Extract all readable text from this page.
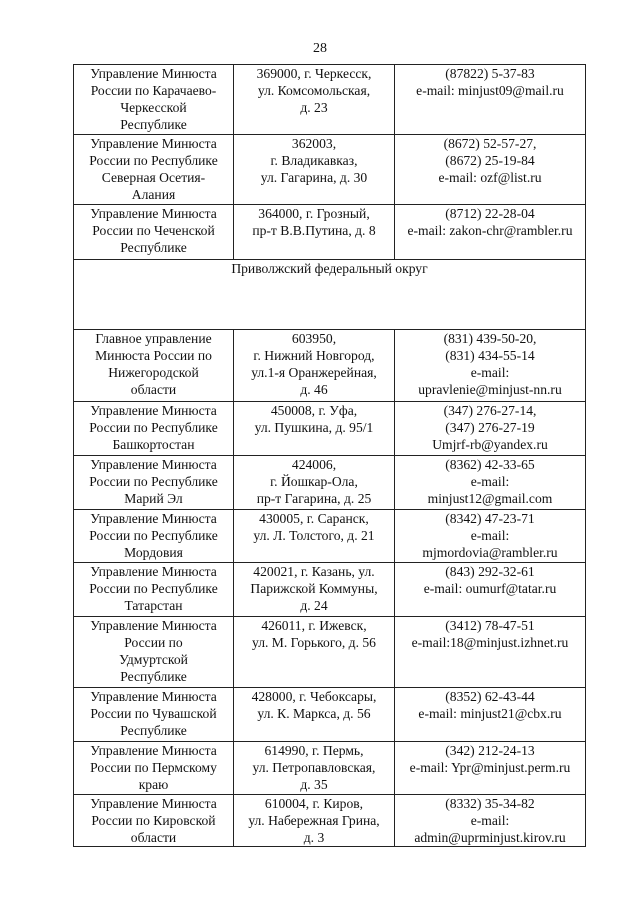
28
Управление Минюста
России по Карачаево-
Черкесской
Республике	369000, г. Черкесск,
ул. Комсомольская,
д. 23	(87822) 5-37-83
e-mail: minjust09@mail.ru

Управление Минюста
России по Республике
Северная Осетия-
Алания	362003,
г. Владикавказ,
ул. Гагарина, д. 30	(8672) 52-57-27,
(8672) 25-19-84
e-mail: ozf@list.ru

Управление Минюста
России по Чеченской
Республике	364000, г. Грозный,
пр-т В.В.Путина, д. 8	(8712) 22-28-04
e-mail: zakon-chr@rambler.ru

Приволжский федеральный округ		

Главное управление
Минюста России по
Нижегородской
области	603950,
г. Нижний Новгород,
ул.1-я Оранжерейная,
д. 46	(831) 439-50-20,
(831) 434-55-14
e-mail:
upravlenie@minjust-nn.ru

Управление Минюста
России по Республике
Башкортостан	450008, г. Уфа,
ул. Пушкина, д. 95/1	(347) 276-27-14,
(347) 276-27-19
Umjrf-rb@yandex.ru

Управление Минюста
России по Республике
Марий Эл	424006,
г. Йошкар-Ола,
пр-т Гагарина, д. 25	(8362) 42-33-65
e-mail:
minjust12@gmail.com

Управление Минюста
России по Республике
Мордовия	430005, г. Саранск,
ул. Л. Толстого, д. 21	(8342) 47-23-71
e-mail:
mjmordovia@rambler.ru

Управление Минюста
России по Республике
Татарстан	420021, г. Казань, ул.
Парижской Коммуны,
д. 24	(843) 292-32-61
e-mail: oumurf@tatar.ru

Управление Минюста
России по
Удмуртской
Республике	426011, г. Ижевск,
ул. М. Горького, д. 56	(3412) 78-47-51
e-mail:18@minjust.izhnet.ru

Управление Минюста
России по Чувашской
Республике	428000, г. Чебоксары,
ул. К. Маркса, д. 56	(8352) 62-43-44
e-mail: minjust21@cbx.ru

Управление Минюста
России по Пермскому
краю	614990, г. Пермь,
ул. Петропавловская,
д. 35	(342) 212-24-13
e-mail: Ypr@minjust.perm.ru

Управление Минюста
России по Кировской
области	610004, г. Киров,
ул. Набережная Грина,
д. 3	(8332) 35-34-82
e-mail:
admin@uprminjust.kirov.ru
